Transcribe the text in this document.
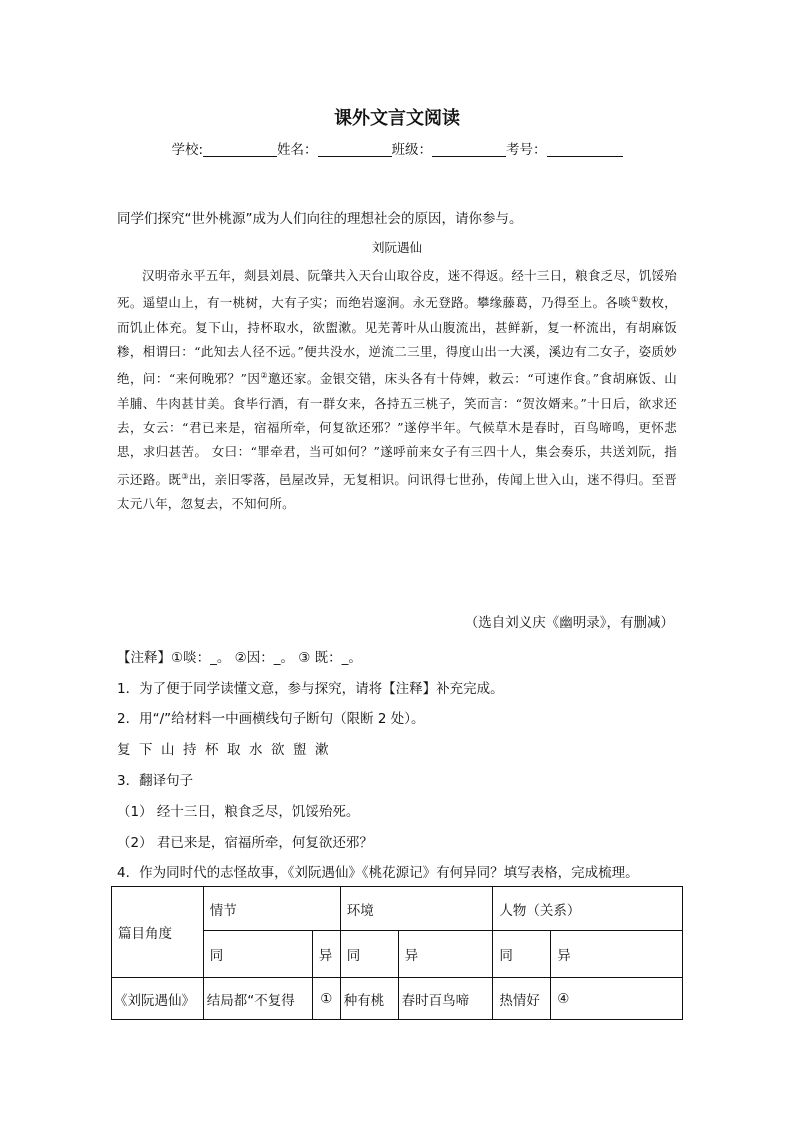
课外文言文阅读
学校:	姓名：	班级：	考号：
同学们探究“世外桃源”成为人们向往的理想社会的原因，请你参与。
刘阮遇仙
汉明帝永平五年，剡县刘晨、阮肇共入天台山取谷皮，迷不得返。经十三日，粮食乏尽，饥馁殆死。遥望山上，有一桃树，大有子实；而绝岩邃涧。永无登路。攀缘藤葛，乃得至上。各啖①数枚，而饥止体充。复下山，持杯取水，欲盥漱。见芜菁叶从山腹流出，甚鲜新，复一杯流出，有胡麻饭糁，相谓曰：“此知去人径不远。”便共没水，逆流二三里，得度山出一大溪，溪边有二女子，姿质妙绝，问：“来何晚邪？”因②邀还家。金银交错，床头各有十侍婢，敕云：“可速作食。”食胡麻饭、山羊脯、牛肉甚甘美。食毕行酒，有一群女来，各持五三桃子，笑而言：“贺汝婿来。”十日后，欲求还去，女云：“君已来是，宿福所牵，何复欲还邪？”遂停半年。气候草木是春时，百鸟啼鸣，更怀悲思，求归甚苦。 女曰：“罪牵君，当可如何？”遂呼前来女子有三四十人，集会奏乐，共送刘阮，指示还路。既③出，亲旧零落，邑屋改异，无复相识。问讯得七世孙，传闻上世入山，迷不得归。至晋太元八年，忽复去，不知何所。
（选自刘义庆《幽明录》，有删减）
【注释】①啖：_。 ②因：_。 ③ 既：_。
1．为了便于同学读懂文意，参与探究，请将【注释】补充完成。
2．用“/”给材料一中画横线句子断句（限断 2 处）。
复 下 山 持 杯 取 水 欲 盥 漱
3．翻译句子
（1） 经十三日，粮食乏尽，饥馁殆死。
（2） 君已来是，宿福所牵，何复欲还邪？
4．作为同时代的志怪故事，《刘阮遇仙》《桃花源记》有何异同？填写表格，完成梳理。
篇目角度	情节		环境		人物（关系）	
	同	异	同	异	同	异
《刘阮遇仙》	结局都“不复得	①	种有桃	春时百鸟啼	热情好	④
